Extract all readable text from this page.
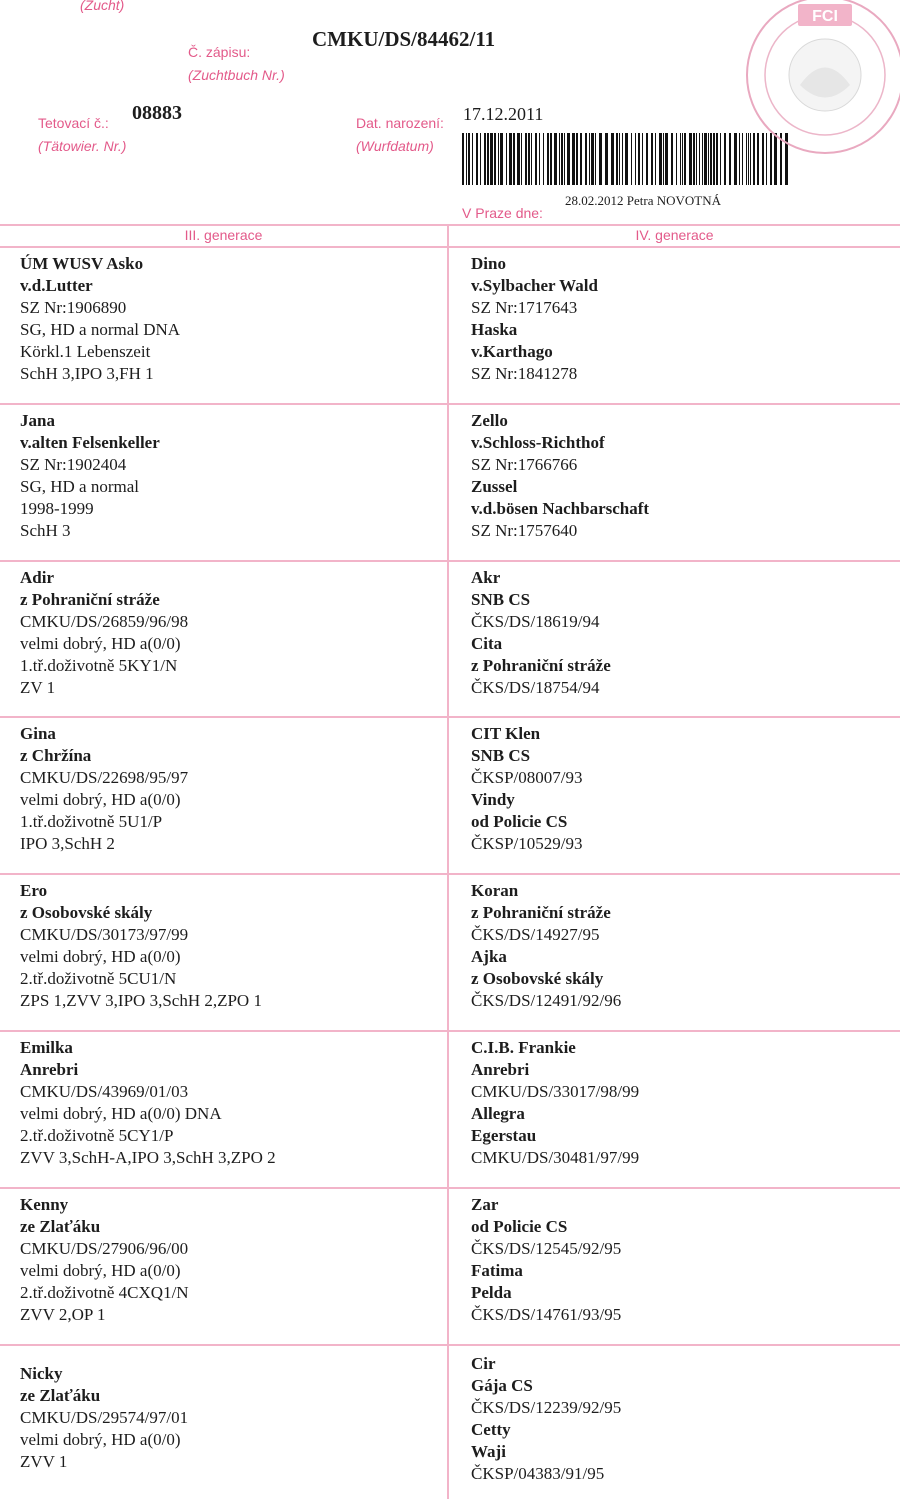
(Zucht)
Č. zápisu:
(Zuchtbuch Nr.)
CMKU/DS/84462/11
Tetovací č.:
(Tätowier. Nr.)
08883	Dat. narození:
(Wurfdatum)
17.12.2011
28.02.2012 Petra NOVOTNÁ
V Praze dne:
FCI
III. generace	IV. generace
ÚM WUSV Asko
v.d.Lutter
SZ Nr:1906890
SG, HD a normal DNA
Körkl.1 Lebenszeit
SchH 3,IPO 3,FH 1
Dino
v.Sylbacher Wald
SZ Nr:1717643
Haska
v.Karthago
SZ Nr:1841278
Jana
v.alten Felsenkeller
SZ Nr:1902404
SG, HD a normal
1998-1999
SchH 3
Zello
v.Schloss-Richthof
SZ Nr:1766766
Zussel
v.d.bösen Nachbarschaft
SZ Nr:1757640
Adir
z Pohraniční stráže
CMKU/DS/26859/96/98
velmi dobrý, HD a(0/0)
1.tř.doživotně 5KY1/N
ZV 1
Akr
SNB CS
ČKS/DS/18619/94
Cita
z Pohraniční stráže
ČKS/DS/18754/94
Gina
z Chržína
CMKU/DS/22698/95/97
velmi dobrý, HD a(0/0)
1.tř.doživotně 5U1/P
IPO 3,SchH 2
CIT Klen
SNB CS
ČKSP/08007/93
Vindy
od Policie CS
ČKSP/10529/93
Ero
z Osobovské skály
CMKU/DS/30173/97/99
velmi dobrý, HD a(0/0)
2.tř.doživotně 5CU1/N
ZPS 1,ZVV 3,IPO 3,SchH 2,ZPO 1
Koran
z Pohraniční stráže
ČKS/DS/14927/95
Ajka
z Osobovské skály
ČKS/DS/12491/92/96
Emilka
Anrebri
CMKU/DS/43969/01/03
velmi dobrý, HD a(0/0) DNA
2.tř.doživotně 5CY1/P
ZVV 3,SchH-A,IPO 3,SchH 3,ZPO 2
C.I.B. Frankie
Anrebri
CMKU/DS/33017/98/99
Allegra
Egerstau
CMKU/DS/30481/97/99
Kenny
ze Zlaťáku
CMKU/DS/27906/96/00
velmi dobrý, HD a(0/0)
2.tř.doživotně 4CXQ1/N
ZVV 2,OP 1
Zar
od Policie CS
ČKS/DS/12545/92/95
Fatima
Pelda
ČKS/DS/14761/93/95
Nicky
ze Zlaťáku
CMKU/DS/29574/97/01
velmi dobrý, HD a(0/0)
ZVV 1
Cir
Gája CS
ČKS/DS/12239/92/95
Cetty
Waji
ČKSP/04383/91/95
